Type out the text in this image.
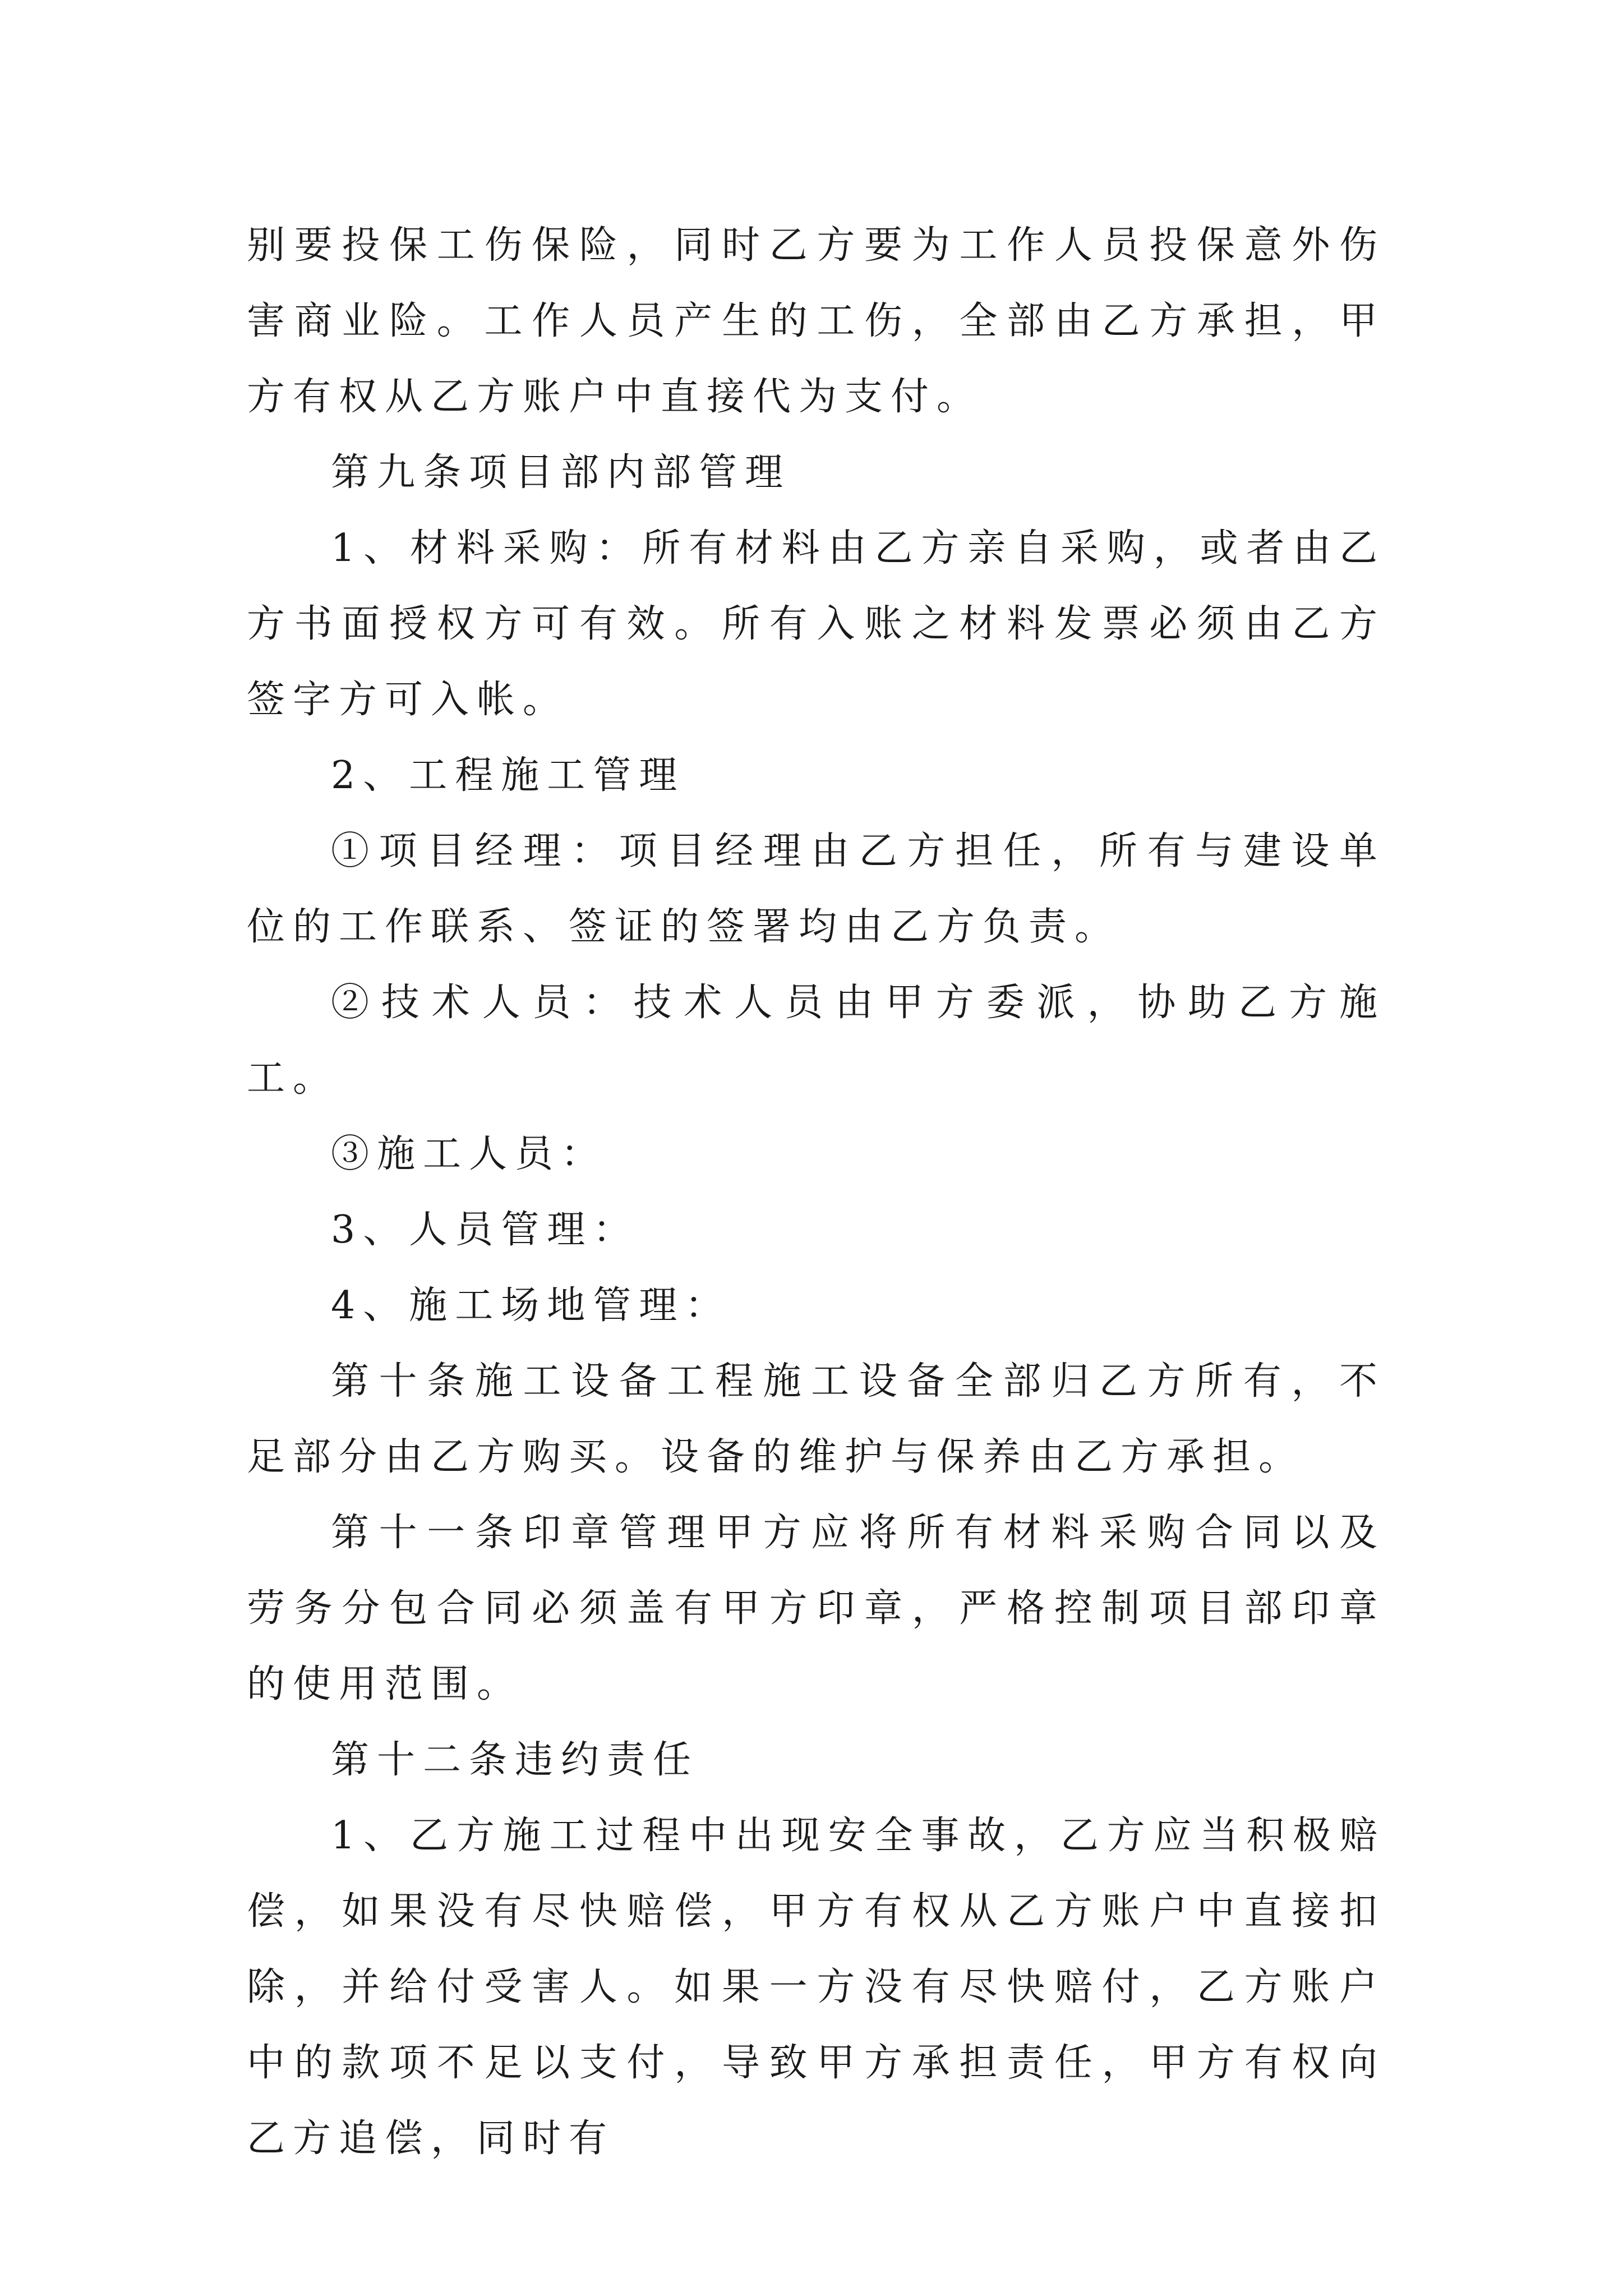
别要投保工伤保险，同时乙方要为工作人员投保意外伤害商业险。工作人员产生的工伤，全部由乙方承担，甲方有权从乙方账户中直接代为支付。

第九条项目部内部管理

1、材料采购：所有材料由乙方亲自采购，或者由乙方书面授权方可有效。所有入账之材料发票必须由乙方签字方可入帐。

2、工程施工管理

①项目经理：项目经理由乙方担任，所有与建设单位的工作联系、签证的签署均由乙方负责。

②技术人员：技术人员由甲方委派，协助乙方施工。

③施工人员：

3、人员管理：

4、施工场地管理：

第十条施工设备工程施工设备全部归乙方所有，不足部分由乙方购买。设备的维护与保养由乙方承担。

第十一条印章管理甲方应将所有材料采购合同以及劳务分包合同必须盖有甲方印章，严格控制项目部印章的使用范围。

第十二条违约责任

1、乙方施工过程中出现安全事故，乙方应当积极赔偿，如果没有尽快赔偿，甲方有权从乙方账户中直接扣除，并给付受害人。如果一方没有尽快赔付，乙方账户中的款项不足以支付，导致甲方承担责任，甲方有权向乙方追偿，同时有
